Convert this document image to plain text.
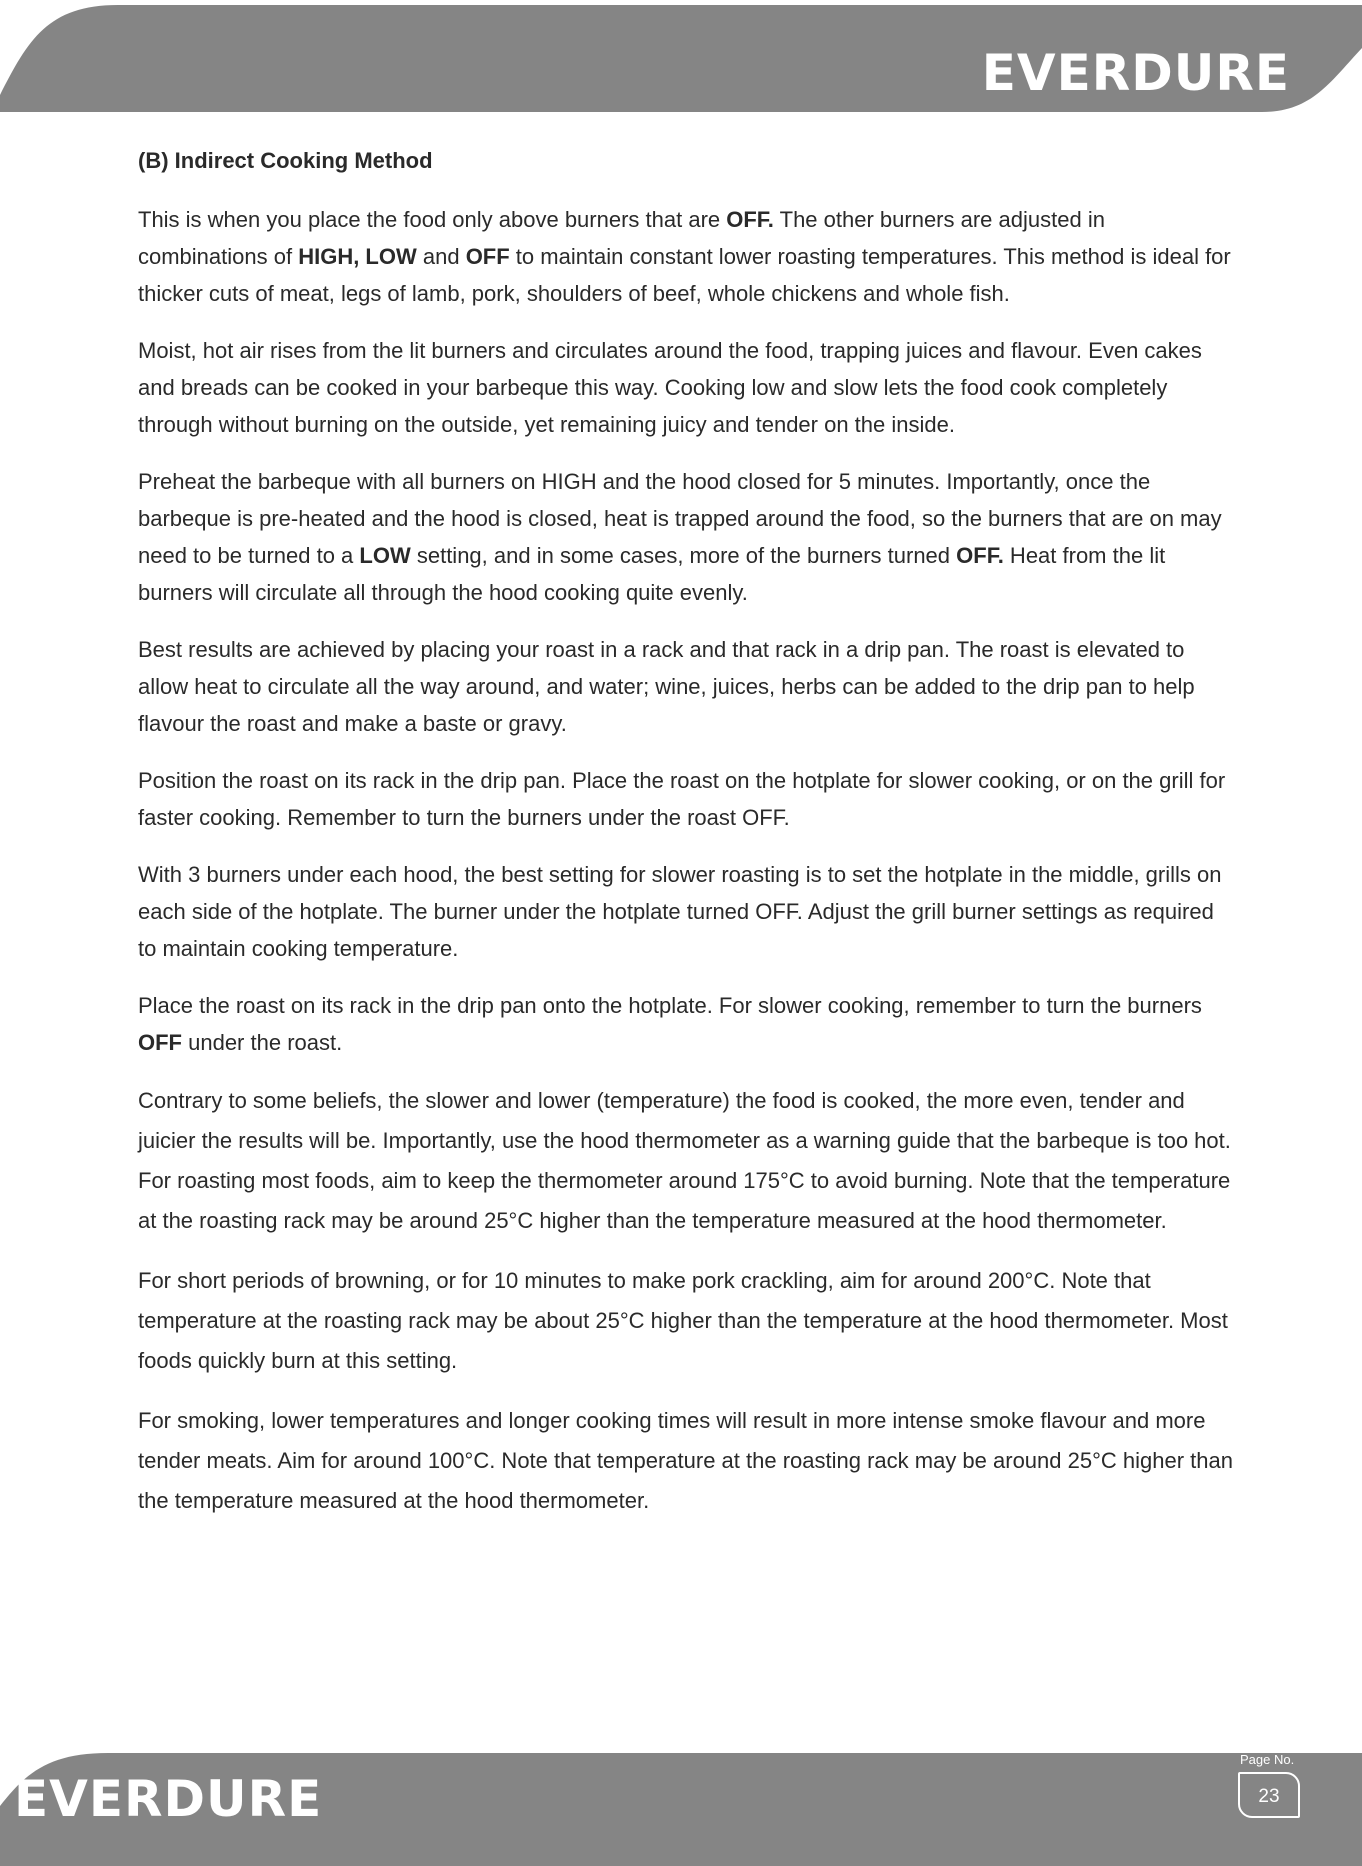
EVERDURE
(B) Indirect Cooking Method

This is when you place the food only above burners that are OFF. The other burners are adjusted in combinations of HIGH, LOW and OFF to maintain constant lower roasting temperatures. This method is ideal for thicker cuts of meat, legs of lamb, pork, shoulders of beef, whole chickens and whole fish.

Moist, hot air rises from the lit burners and circulates around the food, trapping juices and flavour. Even cakes and breads can be cooked in your barbeque this way. Cooking low and slow lets the food cook completely through without burning on the outside, yet remaining juicy and tender on the inside.

Preheat the barbeque with all burners on HIGH and the hood closed for 5 minutes. Importantly, once the barbeque is pre-heated and the hood is closed, heat is trapped around the food, so the burners that are on may need to be turned to a LOW setting, and in some cases, more of the burners turned OFF. Heat from the lit burners will circulate all through the hood cooking quite evenly.

Best results are achieved by placing your roast in a rack and that rack in a drip pan. The roast is elevated to allow heat to circulate all the way around, and water; wine, juices, herbs can be added to the drip pan to help flavour the roast and make a baste or gravy.

Position the roast on its rack in the drip pan. Place the roast on the hotplate for slower cooking, or on the grill for faster cooking. Remember to turn the burners under the roast OFF.

With 3 burners under each hood, the best setting for slower roasting is to set the hotplate in the middle, grills on each side of the hotplate. The burner under the hotplate turned OFF. Adjust the grill burner settings as required to maintain cooking temperature.

Place the roast on its rack in the drip pan onto the hotplate. For slower cooking, remember to turn the burners OFF under the roast.

Contrary to some beliefs, the slower and lower (temperature) the food is cooked, the more even, tender and juicier the results will be. Importantly, use the hood thermometer as a warning guide that the barbeque is too hot. For roasting most foods, aim to keep the thermometer around 175°C to avoid burning. Note that the temperature at the roasting rack may be around 25°C higher than the temperature measured at the hood thermometer.

For short periods of browning, or for 10 minutes to make pork crackling, aim for around 200°C. Note that temperature at the roasting rack may be about 25°C higher than the temperature at the hood thermometer. Most foods quickly burn at this setting.

For smoking, lower temperatures and longer cooking times will result in more intense smoke flavour and more tender meats. Aim for around 100°C. Note that temperature at the roasting rack may be around 25°C higher than the temperature measured at the hood thermometer.

EVERDURE
Page No.
23
